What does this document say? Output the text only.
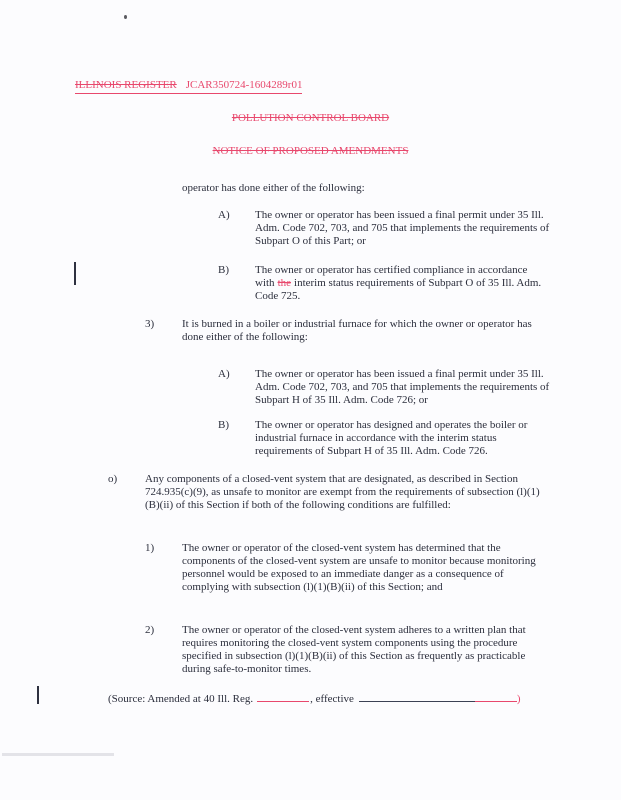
ILLINOIS REGISTER JCAR350724-1604289r01
POLLUTION CONTROL BOARD
NOTICE OF PROPOSED AMENDMENTS
operator has done either of the following:
A)	The owner or operator has been issued a final permit under 35 Ill. Adm. Code 702, 703, and 705 that implements the requirements of Subpart O of this Part; or
B)	The owner or operator has certified compliance in accordance with the interim status requirements of Subpart O of 35 Ill. Adm. Code 725.
3)	It is burned in a boiler or industrial furnace for which the owner or operator has done either of the following:
A)	The owner or operator has been issued a final permit under 35 Ill. Adm. Code 702, 703, and 705 that implements the requirements of Subpart H of 35 Ill. Adm. Code 726; or
B)	The owner or operator has designed and operates the boiler or industrial furnace in accordance with the interim status requirements of Subpart H of 35 Ill. Adm. Code 726.
o)	Any components of a closed-vent system that are designated, as described in Section 724.935(c)(9), as unsafe to monitor are exempt from the requirements of subsection (l)(1)(B)(ii) of this Section if both of the following conditions are fulfilled:
1)	The owner or operator of the closed-vent system has determined that the components of the closed-vent system are unsafe to monitor because monitoring personnel would be exposed to an immediate danger as a consequence of complying with subsection (l)(1)(B)(ii) of this Section; and
2)	The owner or operator of the closed-vent system adheres to a written plan that requires monitoring the closed-vent system components using the procedure specified in subsection (l)(1)(B)(ii) of this Section as frequently as practicable during safe-to-monitor times.
(Source: Amended at 40 Ill. Reg.	, effective	)
